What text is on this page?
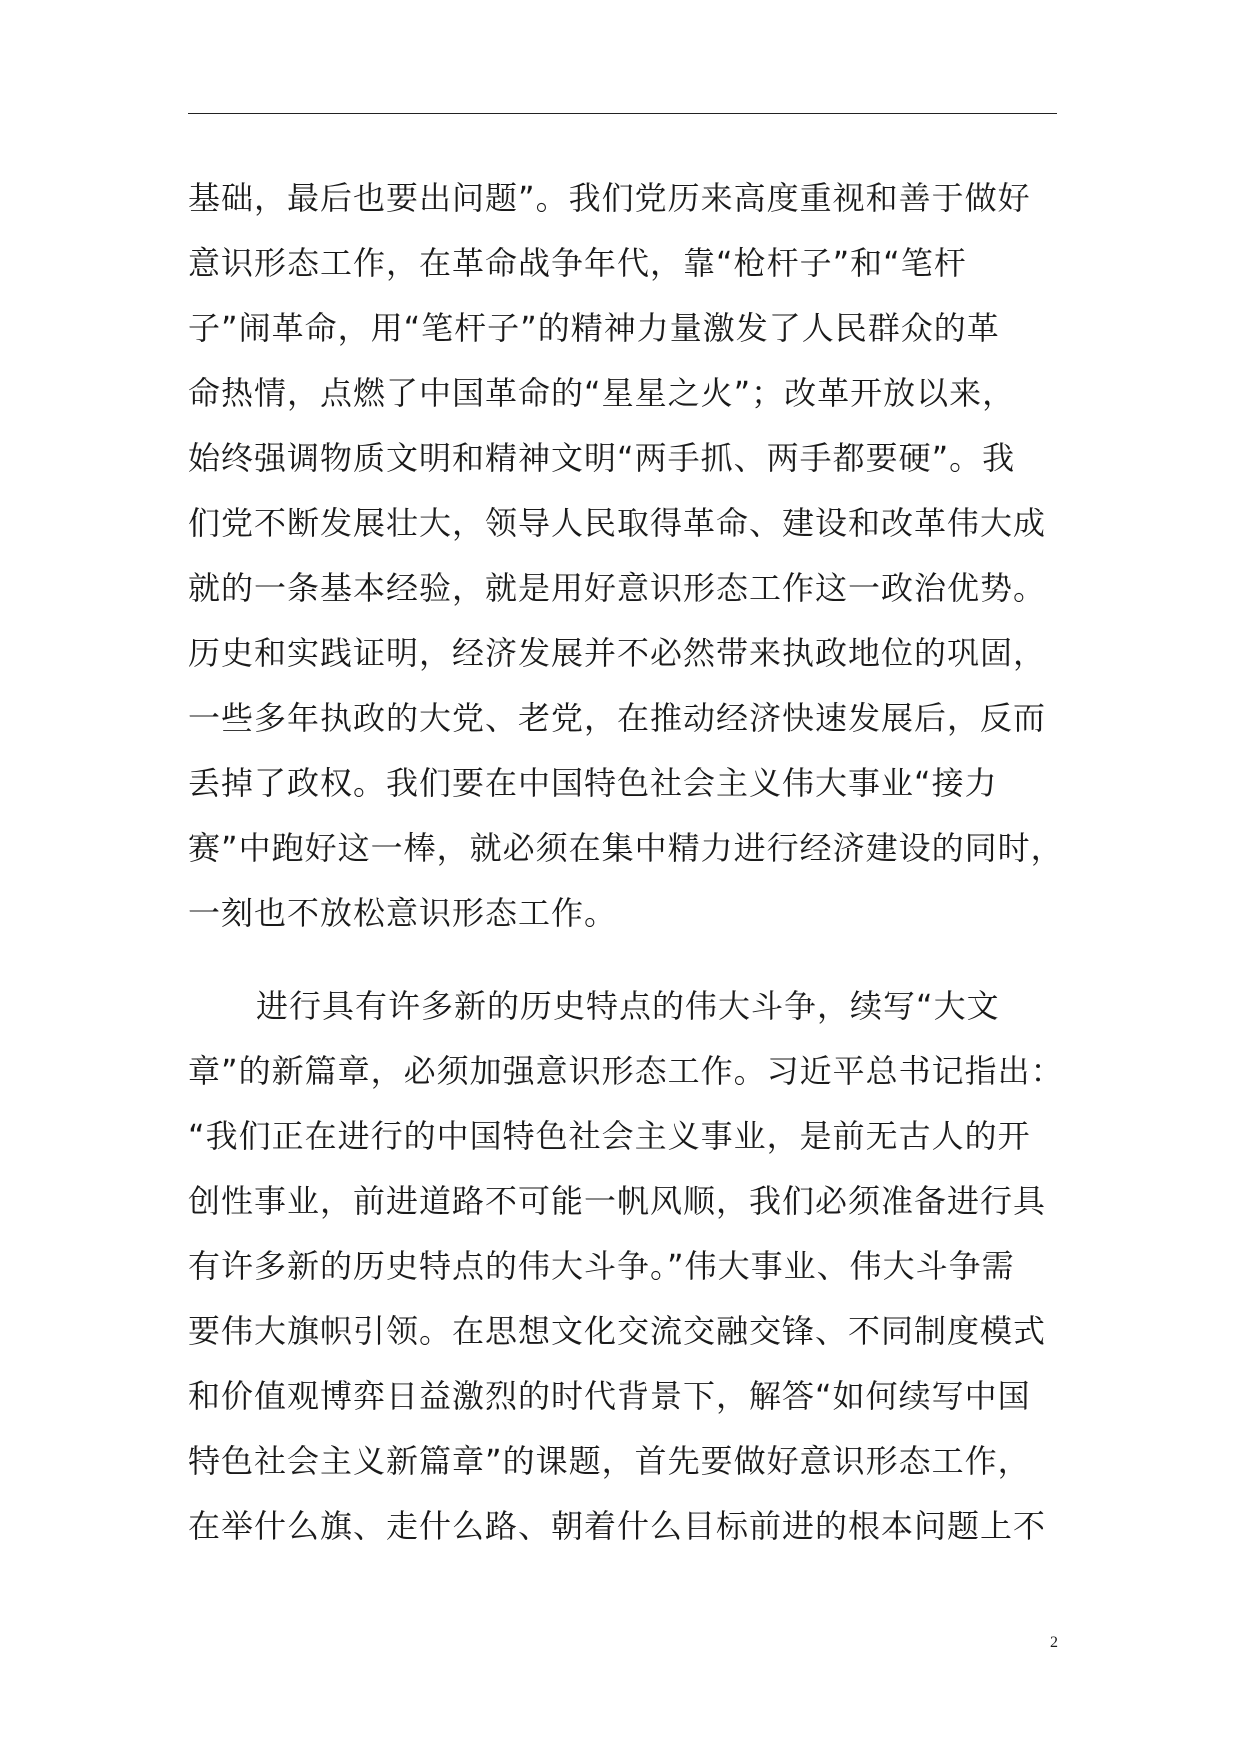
基础，最后也要出问题”。我们党历来高度重视和善于做好
意识形态工作，在革命战争年代，靠“枪杆子”和“笔杆
子”闹革命，用“笔杆子”的精神力量激发了人民群众的革
命热情，点燃了中国革命的“星星之火”；改革开放以来，
始终强调物质文明和精神文明“两手抓、两手都要硬”。我
们党不断发展壮大，领导人民取得革命、建设和改革伟大成
就的一条基本经验，就是用好意识形态工作这一政治优势。
历史和实践证明，经济发展并不必然带来执政地位的巩固，
一些多年执政的大党、老党，在推动经济快速发展后，反而
丢掉了政权。我们要在中国特色社会主义伟大事业“接力
赛”中跑好这一棒，就必须在集中精力进行经济建设的同时，
一刻也不放松意识形态工作。
进行具有许多新的历史特点的伟大斗争，续写“大文
章”的新篇章，必须加强意识形态工作。习近平总书记指出：
“我们正在进行的中国特色社会主义事业，是前无古人的开
创性事业，前进道路不可能一帆风顺，我们必须准备进行具
有许多新的历史特点的伟大斗争。”伟大事业、伟大斗争需
要伟大旗帜引领。在思想文化交流交融交锋、不同制度模式
和价值观博弈日益激烈的时代背景下，解答“如何续写中国
特色社会主义新篇章”的课题，首先要做好意识形态工作，
在举什么旗、走什么路、朝着什么目标前进的根本问题上不
2
